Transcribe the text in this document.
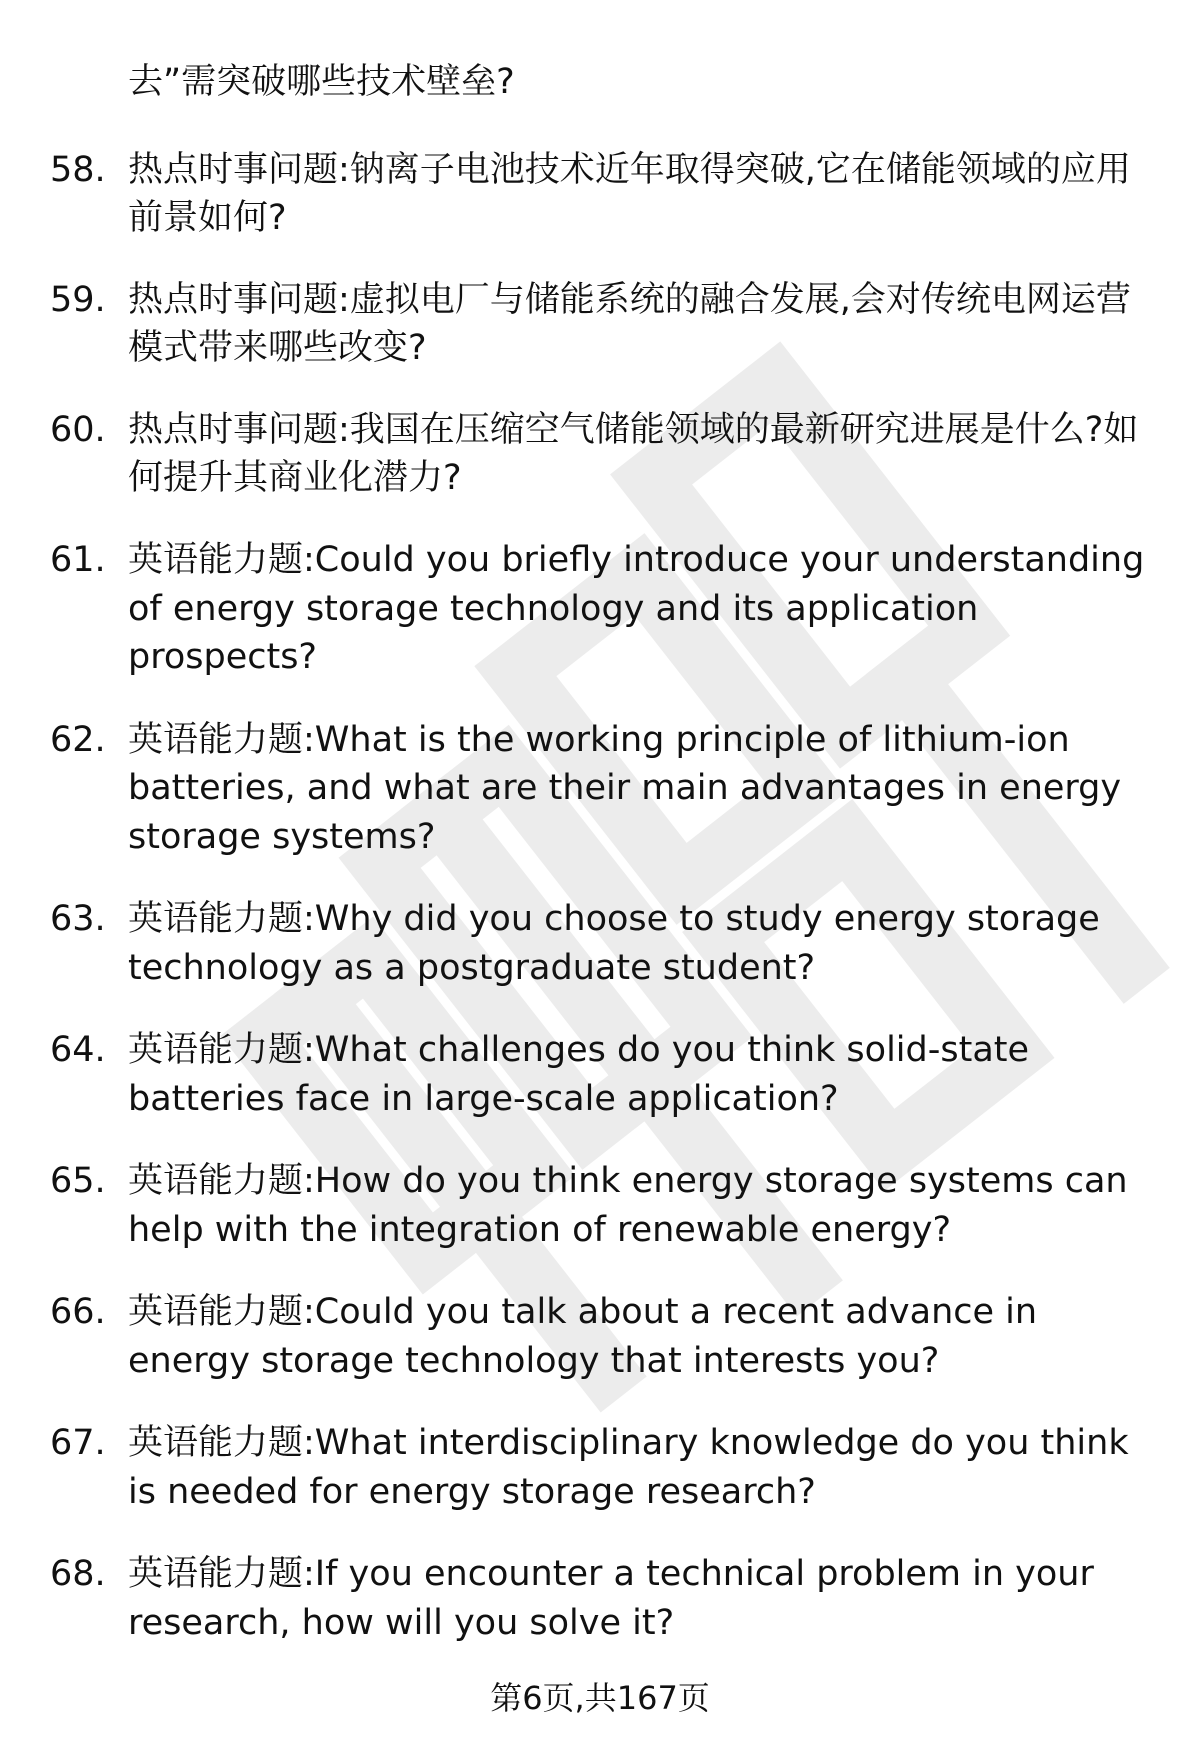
去”需突破哪些技术壁垒?
58. 热点时事问题:钠离子电池技术近年取得突破,它在储能领域的应用前景如何?
59. 热点时事问题:虚拟电厂与储能系统的融合发展,会对传统电网运营模式带来哪些改变?
60. 热点时事问题:我国在压缩空气储能领域的最新研究进展是什么?如何提升其商业化潜力?
61. 英语能力题:Could you briefly introduce your understanding of energy storage technology and its application prospects?
62. 英语能力题:What is the working principle of lithium-ion batteries, and what are their main advantages in energy storage systems?
63. 英语能力题:Why did you choose to study energy storage technology as a postgraduate student?
64. 英语能力题:What challenges do you think solid-state batteries face in large-scale application?
65. 英语能力题:How do you think energy storage systems can help with the integration of renewable energy?
66. 英语能力题:Could you talk about a recent advance in energy storage technology that interests you?
67. 英语能力题:What interdisciplinary knowledge do you think is needed for energy storage research?
68. 英语能力题:If you encounter a technical problem in your research, how will you solve it?
第6页,共167页
